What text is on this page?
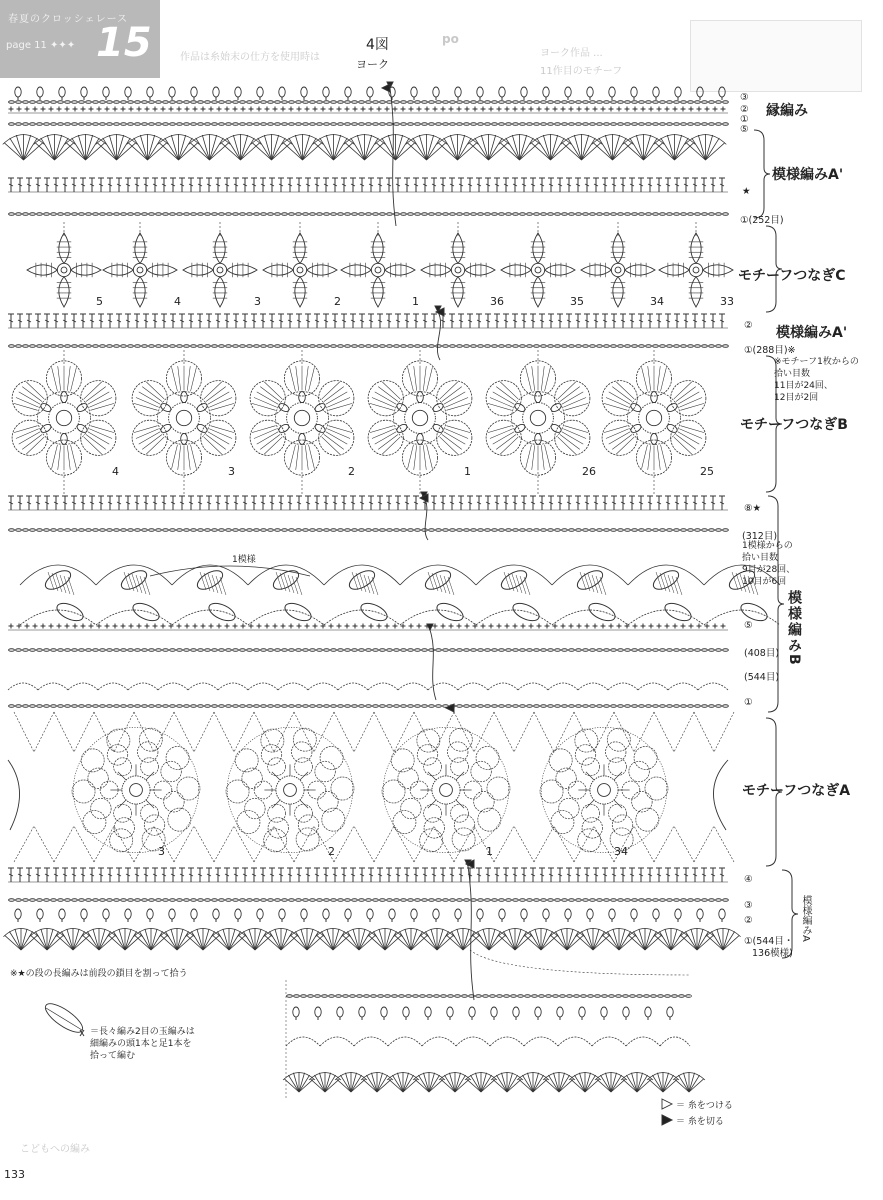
春夏のクロッシェレース
page 11 ✦✦✦ 15	po
作品は糸始末の仕方を使用時は	ヨーク作品 ...
11作目のモチーフ
4図
ヨーク
縁編み
模様編みA'
モチーフつなぎC
模様編みA'
モチーフつなぎB
模様編みB
モチーフつなぎA
模様編みA
③
②
①
⑤
★
①(252目)
②
①(288目)※
⑧★
(312目)
⑤
(408目)
(544目)
①
④
③
②
①(544目・
136模様)
※モチーフ1枚からの
拾い目数
11目が24回、
12目が2回
1模様からの
拾い目数
9目が28回、
10目が6回
1模様
※★の段の長編みは前段の鎖目を割って拾う
＝長々編み2目の玉編みは
細編みの頭1本と足1本を
拾って編む
＝ 糸をつける
＝ 糸を切る
5	4	3	2	1	36	35	34	33
4	3	2	1	26	25
3	2	1	34
133
こどもへの編み
